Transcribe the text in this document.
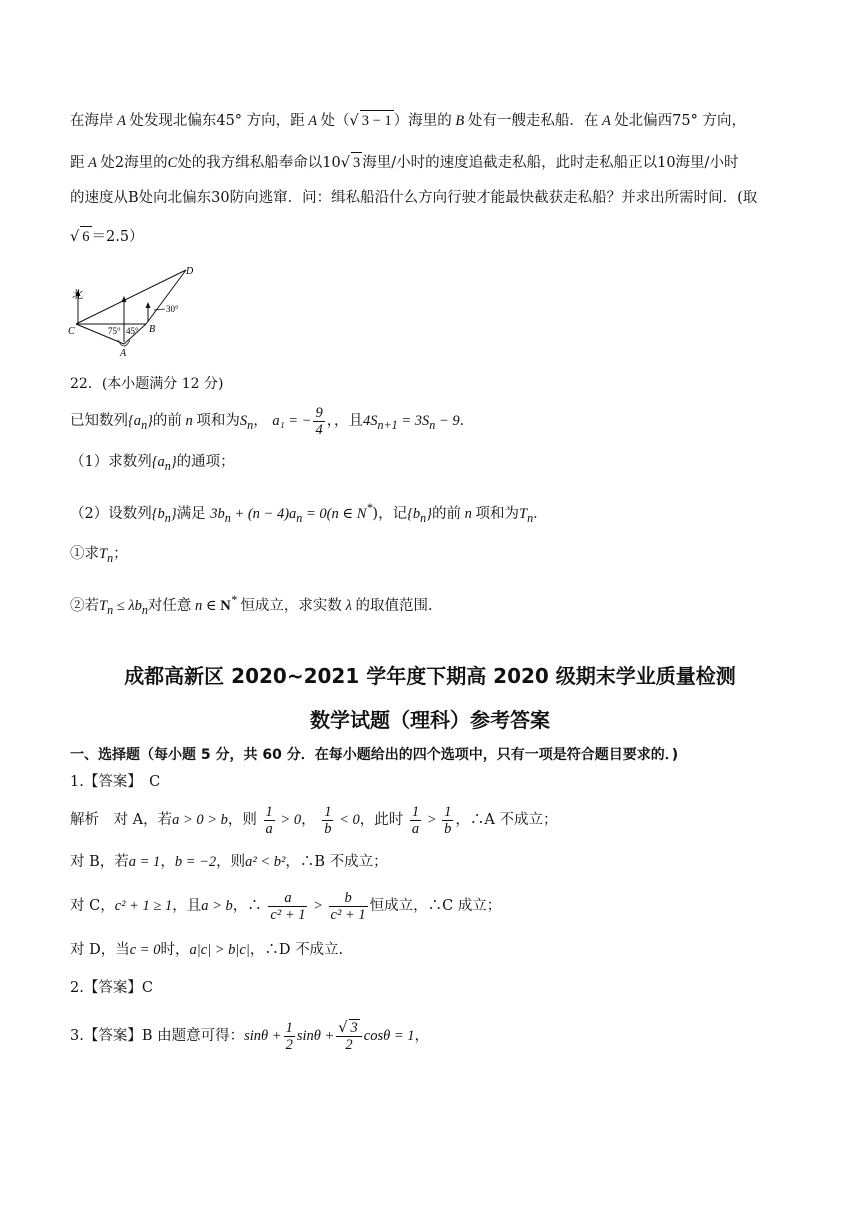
在海岸 A 处发现北偏东45° 方向，距 A 处（√ 3 − 1 ）海里的 B 处有一艘走私船．在 A 处北偏西75° 方向，
距 A 处2海里的C处的我方缉私船奉命以10√ 3 海里/小时的速度追截走私船，此时走私船正以10海里/小时
的速度从B处向北偏东30防向逃窜．问：缉私船沿什么方向行驶才能最快截获走私船？并求出所需时间．(取
√ 6 ＝2.5）
北
C
A
B
D
75° 45°
30°
22．(本小题满分 12 分)
已知数列$\{a_n\}$的前 n 项和为$S_n$， a₁ = − $\frac{9}{4}$ ，，且$4S_{n+1} = 3S_n - 9$．
（1）求数列$\{a_n\}$的通项；
（2）设数列$\{b_n\}$满足 $3b_n + (n - 4)a_n = 0(n$ ∈ N*)，记$\{b_n\}$的前 n 项和为$T_n$．
①求$T_n$；
②若$T_n \le \lambda b_n$对任意 n ∈ N* 恒成立，求实数 λ 的取值范围.
成都高新区 2020~2021 学年度下期高 2020 级期末学业质量检测
数学试题（理科）参考答案
一、选择题（每小题 5 分，共 60 分．在每小题给出的四个选项中，只有一项是符合题目要求的．)
1.【答案】　C
解析　对 A，若a > 0 > b，则 $\frac{1}{a} > 0$， $\frac{1}{b} < 0$，此时 $\frac{1}{a} > \frac{1}{b}$ ，∴A 不成立；
对 B，若a = 1，b = −2，则a² < b²，∴B 不成立；
对 C，c² + 1 ≥ 1，且a > b，∴ $\frac{a}{\text{c² + 1}} > \frac{b}{\text{c² + 1}}$ 恒成立，∴C 成立；
对 D，当c = 0时，a|c| > b|c|，∴D 不成立.
2.【答案】C
3.【答案】B 由题意可得：$\sin\theta + \frac{1}{2}$ $\sin\theta + \frac{√ 3}{2}$ cosθ = 1，
